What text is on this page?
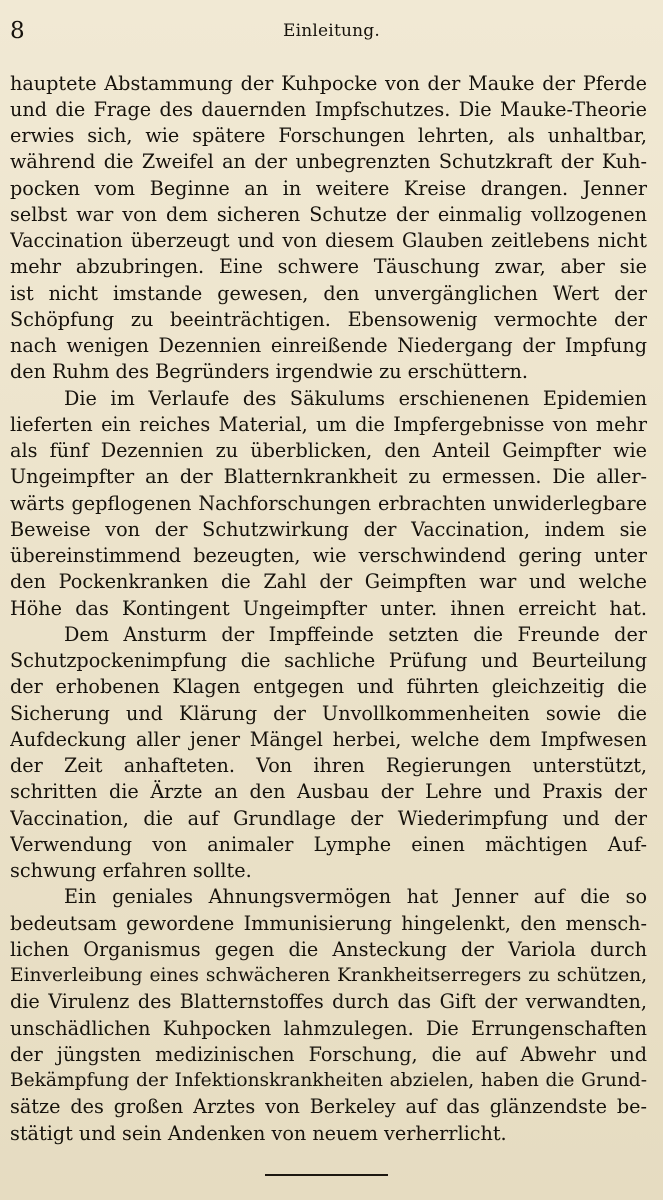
8	Einleitung.
hauptete Abstammung der Kuhpocke von der Mauke der Pferde
und die Frage des dauernden Impfschutzes. Die Mauke-Theorie
erwies sich, wie spätere Forschungen lehrten, als unhaltbar,
während die Zweifel an der unbegrenzten Schutzkraft der Kuh-
pocken vom Beginne an in weitere Kreise drangen. Jenner
selbst war von dem sicheren Schutze der einmalig vollzogenen
Vaccination überzeugt und von diesem Glauben zeitlebens nicht
mehr abzubringen. Eine schwere Täuschung zwar, aber sie
ist nicht imstande gewesen, den unvergänglichen Wert der
Schöpfung zu beeinträchtigen. Ebensowenig vermochte der
nach wenigen Dezennien einreißende Niedergang der Impfung
den Ruhm des Begründers irgendwie zu erschüttern.
Die im Verlaufe des Säkulums erschienenen Epidemien
lieferten ein reiches Material, um die Impfergebnisse von mehr
als fünf Dezennien zu überblicken, den Anteil Geimpfter wie
Ungeimpfter an der Blatternkrankheit zu ermessen. Die aller-
wärts gepflogenen Nachforschungen erbrachten unwiderlegbare
Beweise von der Schutzwirkung der Vaccination, indem sie
übereinstimmend bezeugten, wie verschwindend gering unter
den Pockenkranken die Zahl der Geimpften war und welche
Höhe das Kontingent Ungeimpfter unter. ihnen erreicht hat.
Dem Ansturm der Impffeinde setzten die Freunde der
Schutzpockenimpfung die sachliche Prüfung und Beurteilung
der erhobenen Klagen entgegen und führten gleichzeitig die
Sicherung und Klärung der Unvollkommenheiten sowie die
Aufdeckung aller jener Mängel herbei, welche dem Impfwesen
der Zeit anhafteten. Von ihren Regierungen unterstützt,
schritten die Ärzte an den Ausbau der Lehre und Praxis der
Vaccination, die auf Grundlage der Wiederimpfung und der
Verwendung von animaler Lymphe einen mächtigen Auf-
schwung erfahren sollte.
Ein geniales Ahnungsvermögen hat Jenner auf die so
bedeutsam gewordene Immunisierung hingelenkt, den mensch-
lichen Organismus gegen die Ansteckung der Variola durch
Einverleibung eines schwächeren Krankheitserregers zu schützen,
die Virulenz des Blatternstoffes durch das Gift der verwandten,
unschädlichen Kuhpocken lahmzulegen. Die Errungenschaften
der jüngsten medizinischen Forschung, die auf Abwehr und
Bekämpfung der Infektionskrankheiten abzielen, haben die Grund-
sätze des großen Arztes von Berkeley auf das glänzendste be-
stätigt und sein Andenken von neuem verherrlicht.
